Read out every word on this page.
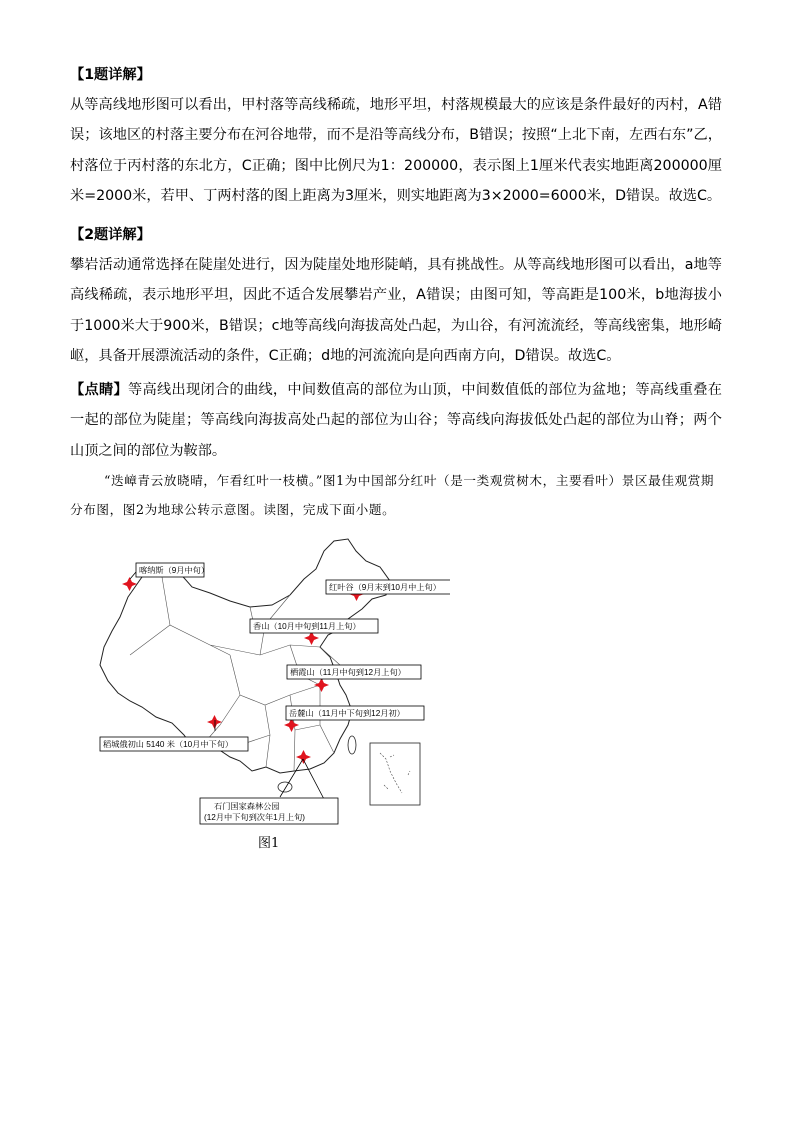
【1题详解】

从等高线地形图可以看出，甲村落等高线稀疏，地形平坦，村落规模最大的应该是条件最好的丙村，A错误；该地区的村落主要分布在河谷地带，而不是沿等高线分布，B错误；按照“上北下南，左西右东”乙，村落位于丙村落的东北方，C正确；图中比例尺为1：200000，表示图上1厘米代表实地距离200000厘米=2000米，若甲、丁两村落的图上距离为3厘米，则实地距离为3×2000=6000米，D错误。故选C。

【2题详解】

攀岩活动通常选择在陡崖处进行，因为陡崖处地形陡峭，具有挑战性。从等高线地形图可以看出，a地等高线稀疏，表示地形平坦，因此不适合发展攀岩产业，A错误；由图可知，等高距是100米，b地海拔小于1000米大于900米，B错误；c地等高线向海拔高处凸起，为山谷，有河流流经，等高线密集，地形崎岖，具备开展漂流活动的条件，C正确；d地的河流流向是向西南方向，D错误。故选C。

【点睛】等高线出现闭合的曲线，中间数值高的部位为山顶，中间数值低的部位为盆地；等高线重叠在一起的部位为陡崖；等高线向海拔高处凸起的部位为山谷；等高线向海拔低处凸起的部位为山脊；两个山顶之间的部位为鞍部。

“迭嶂青云放晓晴，乍看红叶一枝横。”图1为中国部分红叶（是一类观赏树木，主要看叶）景区最佳观赏期分布图，图2为地球公转示意图。读图，完成下面小题。

喀纳斯（9月中旬）
红叶谷（9月末到10月中上旬）
香山（10月中旬到11月上旬）
栖霞山（11月中旬到12月上旬）
岳麓山（11月中下旬到12月初）
稻城俄初山 5140 米（10月中下旬）
石门国家森林公园
(12月中下旬到次年1月上旬)
图1
